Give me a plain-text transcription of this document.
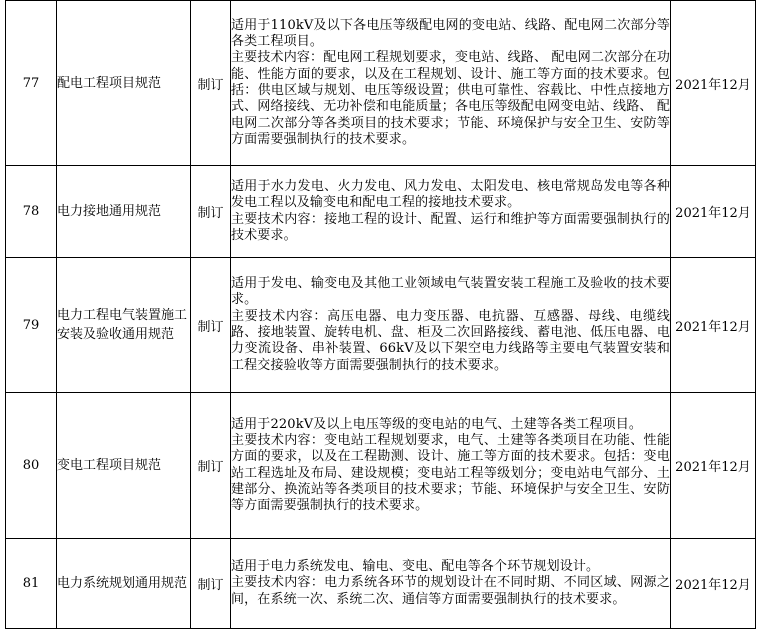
77	配电工程项目规范	制订	适用于110kV及以下各电压等级配电网的变电站、线路、配电网二次部分等各类工程项目。
主要技术内容：配电网工程规划要求，变电站、线路、 配电网二次部分在功能、性能方面的要求，以及在工程规划、设计、施工等方面的技术要求。包括：供电区域与规划、电压等级设置；供电可靠性、容载比、中性点接地方式、网络接线、无功补偿和电能质量；各电压等级配电网变电站、线路、 配电网二次部分等各类项目的技术要求；节能、环境保护与安全卫生、安防等方面需要强制执行的技术要求。	2021年12月
78	电力接地通用规范	制订	适用于水力发电、火力发电、风力发电、太阳发电、核电常规岛发电等各种发电工程以及输变电和配电工程的接地技术要求。
主要技术内容：接地工程的设计、配置、运行和维护等方面需要强制执行的技术要求。	2021年12月
79	电力工程电气装置施工安装及验收通用规范	制订	适用于发电、输变电及其他工业领域电气装置安装工程施工及验收的技术要求。
主要技术内容：高压电器、电力变压器、电抗器、互感器、母线、电缆线路、接地装置、旋转电机、盘、柜及二次回路接线、蓄电池、低压电器、电力变流设备、串补装置、66kV及以下架空电力线路等主要电气装置安装和工程交接验收等方面需要强制执行的技术要求。	2021年12月
80	变电工程项目规范	制订	适用于220kV及以上电压等级的变电站的电气、土建等各类工程项目。
主要技术内容：变电站工程规划要求，电气、土建等各类项目在功能、性能方面的要求，以及在工程勘测、设计、施工等方面的技术要求。包括：变电站工程选址及布局、建设规模；变电站工程等级划分；变电站电气部分、土建部分、换流站等各类项目的技术要求；节能、环境保护与安全卫生、安防等方面需要强制执行的技术要求。	2021年12月
81	电力系统规划通用规范	制订	适用于电力系统发电、输电、变电、配电等各个环节规划设计。
主要技术内容：电力系统各环节的规划设计在不同时期、不同区域、网源之间，在系统一次、系统二次、通信等方面需要强制执行的技术要求。	2021年12月
